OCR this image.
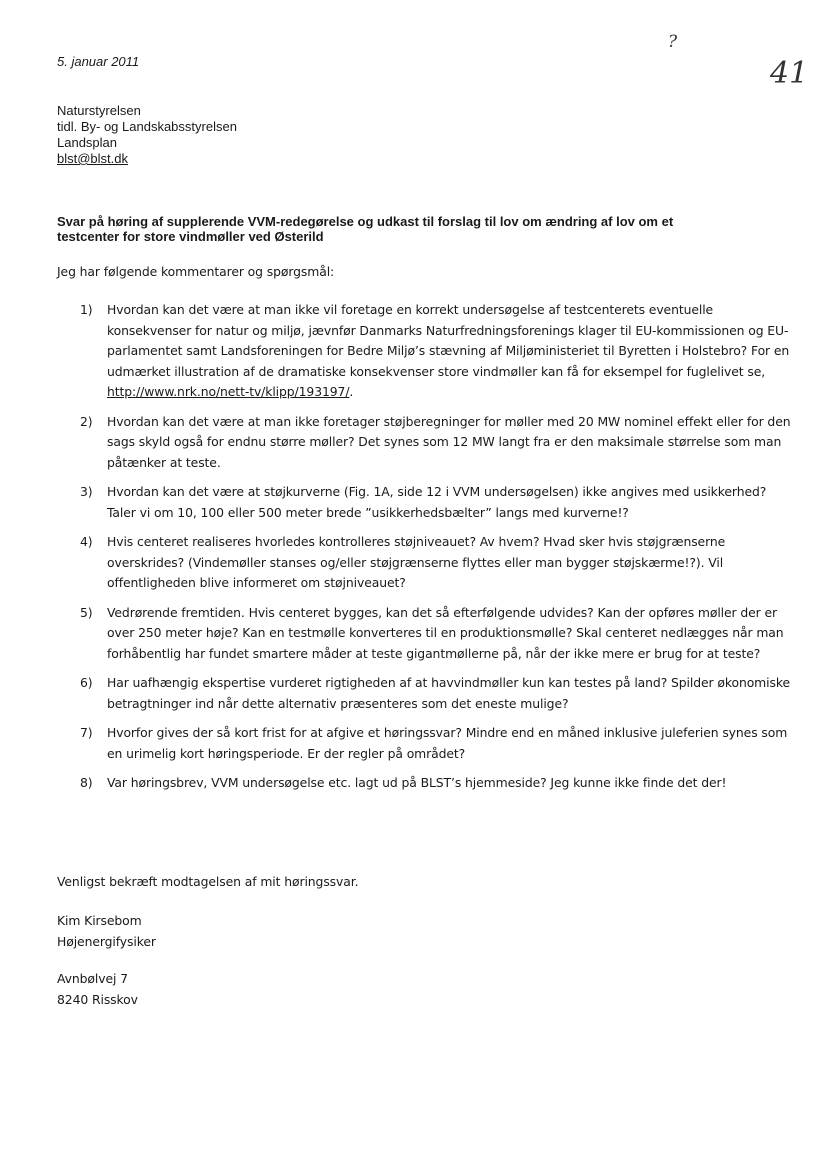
5. januar 2011
?
41
Naturstyrelsen
tidl. By- og Landskabsstyrelsen
Landsplan
blst@blst.dk
Svar på høring af supplerende VVM-redegørelse og udkast til forslag til lov om ændring af lov om et testcenter for store vindmøller ved Østerild
Jeg har følgende kommentarer og spørgsmål:
1) Hvordan kan det være at man ikke vil foretage en korrekt undersøgelse af testcenterets eventuelle konsekvenser for natur og miljø, jævnfør Danmarks Naturfredningsforenings klager til EU-kommissionen og EU-parlamentet samt Landsforeningen for Bedre Miljø’s stævning af Miljøministeriet til Byretten i Holstebro? For en udmærket illustration af de dramatiske konsekvenser store vindmøller kan få for eksempel for fuglelivet se, http://www.nrk.no/nett-tv/klipp/193197/.
2) Hvordan kan det være at man ikke foretager støjberegninger for møller med 20 MW nominel effekt eller for den sags skyld også for endnu større møller? Det synes som 12 MW langt fra er den maksimale størrelse som man påtænker at teste.
3) Hvordan kan det være at støjkurverne (Fig. 1A, side 12 i VVM undersøgelsen) ikke angives med usikkerhed? Taler vi om 10, 100 eller 500 meter brede ”usikkerhedsbælter” langs med kurverne!?
4) Hvis centeret realiseres hvorledes kontrolleres støjniveauet? Av hvem? Hvad sker hvis støjgrænserne overskrides? (Vindemøller stanses og/eller støjgrænserne flyttes eller man bygger støjskærme!?). Vil offentligheden blive informeret om støjniveauet?
5) Vedrørende fremtiden. Hvis centeret bygges, kan det så efterfølgende udvides? Kan der opføres møller der er over 250 meter høje? Kan en testmølle konverteres til en produktionsmølle? Skal centeret nedlægges når man forhåbentlig har fundet smartere måder at teste gigantmøllerne på, når der ikke mere er brug for at teste?
6) Har uafhængig ekspertise vurderet rigtigheden af at havvindmøller kun kan testes på land? Spilder økonomiske betragtninger ind når dette alternativ præsenteres som det eneste mulige?
7) Hvorfor gives der så kort frist for at afgive et høringssvar? Mindre end en måned inklusive juleferien synes som en urimelig kort høringsperiode. Er der regler på området?
8) Var høringsbrev, VVM undersøgelse etc. lagt ud på BLST’s hjemmeside? Jeg kunne ikke finde det der!
Venligst bekræft modtagelsen af mit høringssvar.
Kim Kirsebom
Højenergifysiker
Avnbølvej 7
8240 Risskov
